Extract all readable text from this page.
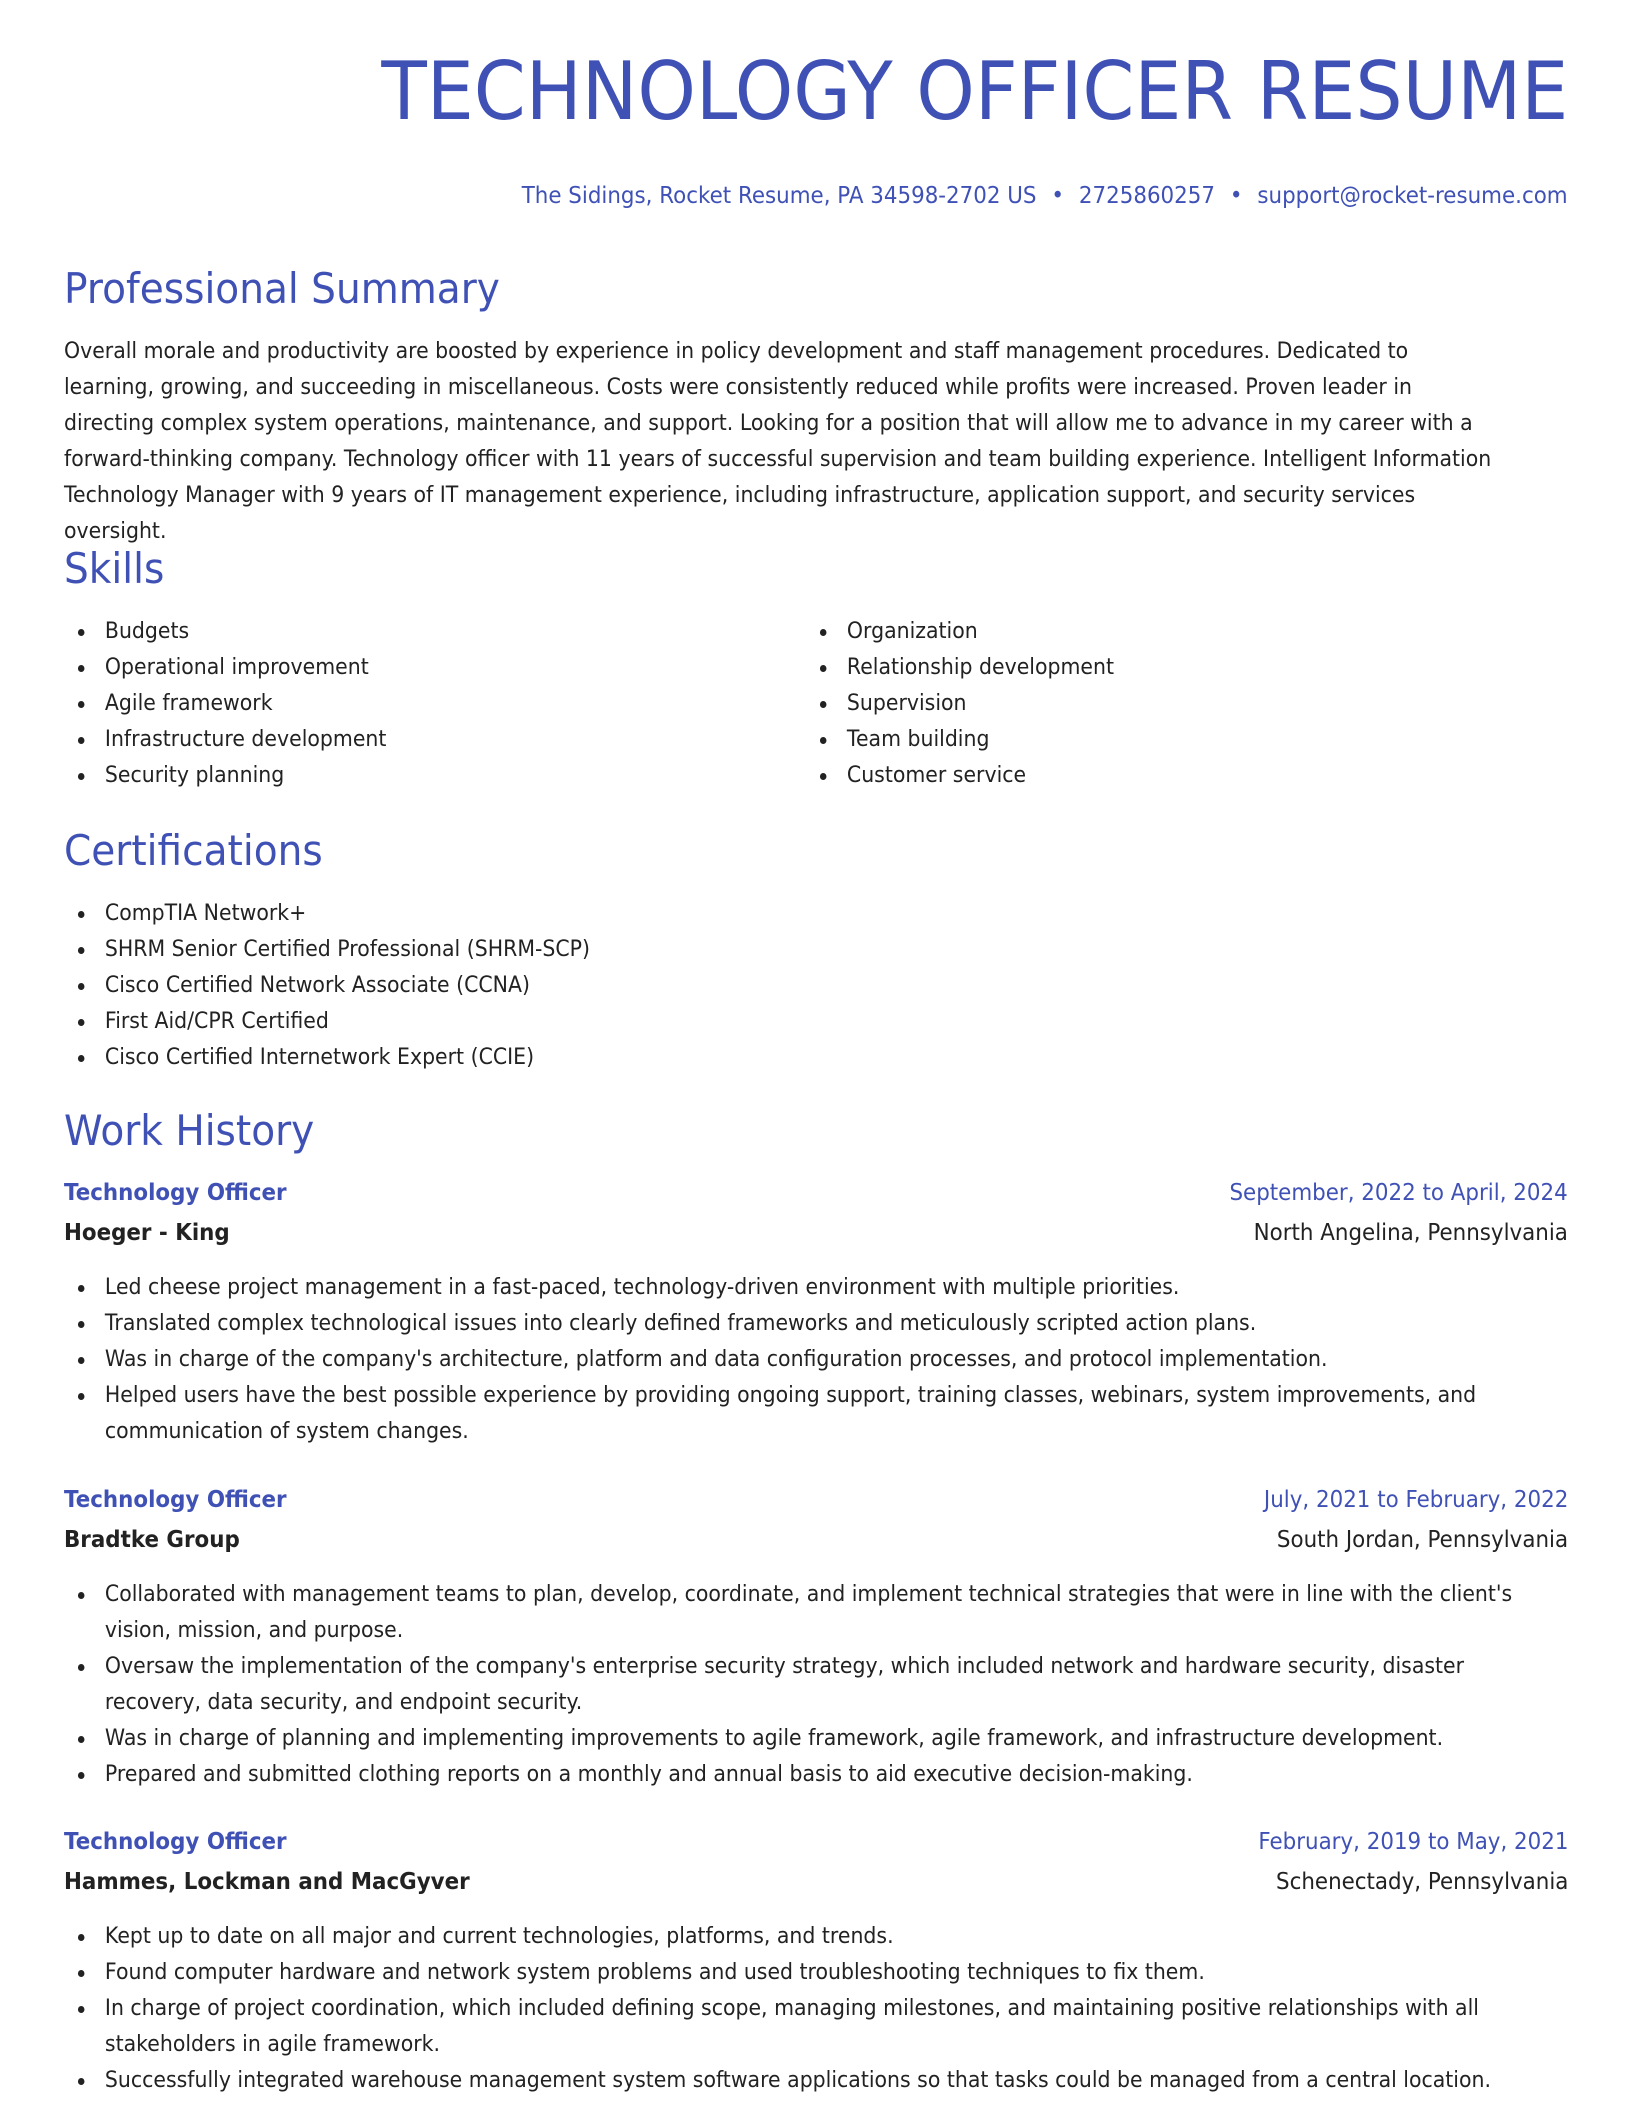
TECHNOLOGY OFFICER RESUME
The Sidings, Rocket Resume, PA 34598-2702 US • 2725860257 • support@rocket-resume.com
Professional Summary

Overall morale and productivity are boosted by experience in policy development and staff management procedures. Dedicated to learning, growing, and succeeding in miscellaneous. Costs were consistently reduced while profits were increased. Proven leader in directing complex system operations, maintenance, and support. Looking for a position that will allow me to advance in my career with a forward-thinking company. Technology officer with 11 years of successful supervision and team building experience. Intelligent Information Technology Manager with 9 years of IT management experience, including infrastructure, application support, and security services oversight.

Skills
Budgets
Operational improvement
Agile framework
Infrastructure development
Security planning
Organization
Relationship development
Supervision
Team building
Customer service
Certifications
CompTIA Network+
SHRM Senior Certified Professional (SHRM-SCP)
Cisco Certified Network Associate (CCNA)
First Aid/CPR Certified
Cisco Certified Internetwork Expert (CCIE)
Work History
Technology Officer	September, 2022 to April, 2024
Hoeger - King	North Angelina, Pennsylvania
Led cheese project management in a fast-paced, technology-driven environment with multiple priorities.
Translated complex technological issues into clearly defined frameworks and meticulously scripted action plans.
Was in charge of the company's architecture, platform and data configuration processes, and protocol implementation.
Helped users have the best possible experience by providing ongoing support, training classes, webinars, system improvements, and communication of system changes.
Technology Officer	July, 2021 to February, 2022
Bradtke Group	South Jordan, Pennsylvania
Collaborated with management teams to plan, develop, coordinate, and implement technical strategies that were in line with the client's vision, mission, and purpose.
Oversaw the implementation of the company's enterprise security strategy, which included network and hardware security, disaster recovery, data security, and endpoint security.
Was in charge of planning and implementing improvements to agile framework, agile framework, and infrastructure development.
Prepared and submitted clothing reports on a monthly and annual basis to aid executive decision-making.
Technology Officer	February, 2019 to May, 2021
Hammes, Lockman and MacGyver	Schenectady, Pennsylvania
Kept up to date on all major and current technologies, platforms, and trends.
Found computer hardware and network system problems and used troubleshooting techniques to fix them.
In charge of project coordination, which included defining scope, managing milestones, and maintaining positive relationships with all stakeholders in agile framework.
Successfully integrated warehouse management system software applications so that tasks could be managed from a central location.
